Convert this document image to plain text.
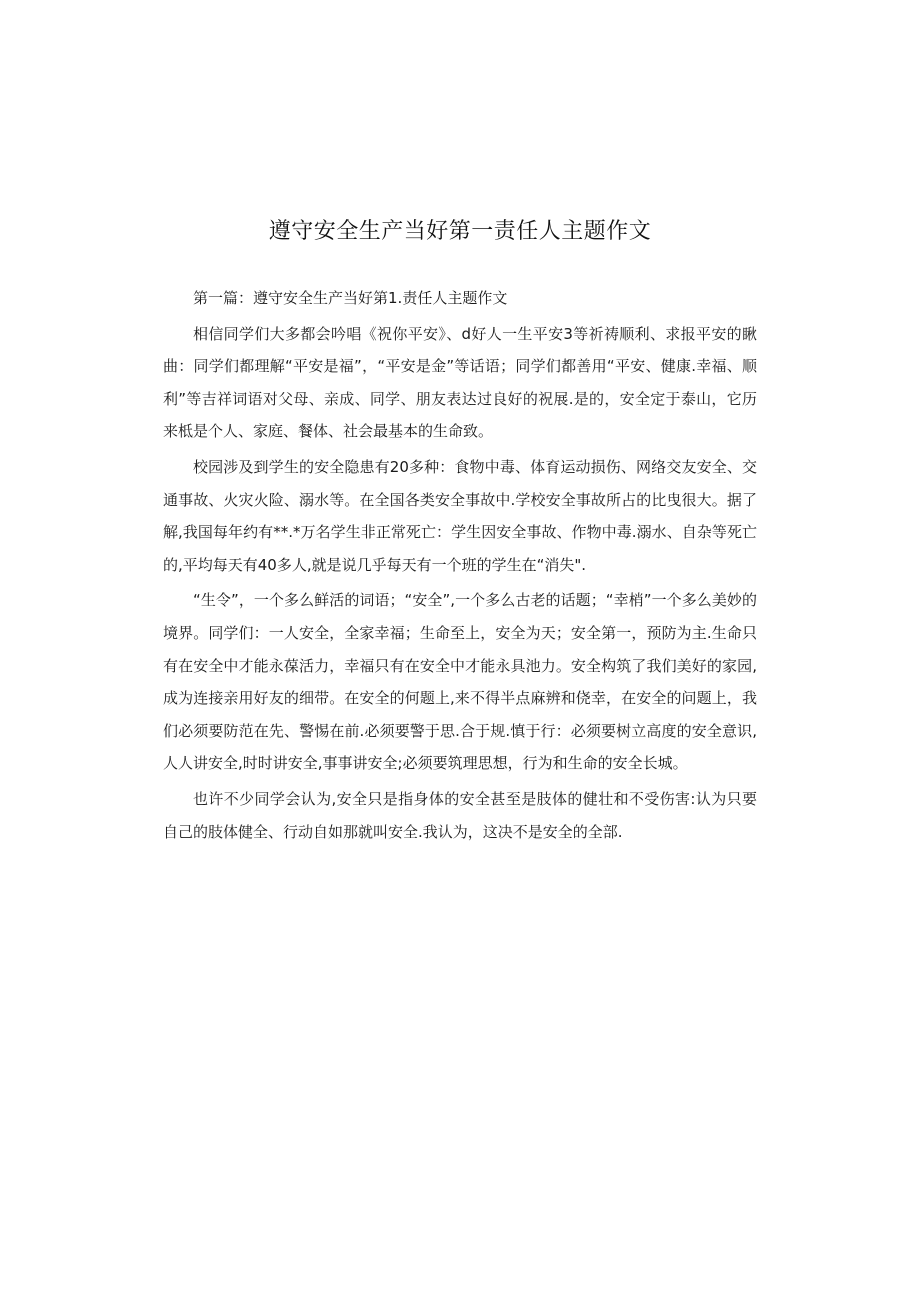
遵守安全生产当好第一责任人主题作文

第一篇：遵守安全生产当好第1.责任人主题作文

相信同学们大多都会吟唱《祝你平安》、d好人一生平安3等祈祷顺利、求报平安的瞅曲：同学们都理解“平安是福”，“平安是金”等话语；同学们都善用“平安、健康.幸福、顺利”等吉祥词语对父母、亲成、同学、朋友表达过良好的祝展.是的，安全定于泰山，它历来柢是个人、家庭、餐体、社会最基本的生命致。

校园涉及到学生的安全隐患有20多种：食物中毒、体育运动损伤、网络交友安全、交通事故、火灾火险、溺水等。在全国各类安全事故中.学校安全事故所占的比曳很大。据了解,我国每年约有**.*万名学生非正常死亡：学生因安全事故、作物中毒.溺水、自杂等死亡的,平均每天有40多人,就是说几乎每天有一个班的学生在“消失".

“生令”，一个多么鲜活的词语；“安全”,一个多么古老的话题；“幸梢”一个多么美妙的境界。同学们：一人安全，全家幸福；生命至上，安全为天；安全第一，预防为主.生命只有在安全中才能永葆活力，幸福只有在安全中才能永具池力。安全构筑了我们美好的家园,成为连接亲用好友的细带。在安全的何题上,来不得半点麻辨和侥幸，在安全的问题上，我们必须要防范在先、警惕在前.必须要警于思.合于规.慎于行：必须要树立高度的安全意识,人人讲安全,时时讲安全,事事讲安全;必须要筑理思想，行为和生命的安全长城。

也许不少同学会认为,安全只是指身体的安全甚至是肢体的健壮和不受伤害:认为只要自己的肢体健全、行动自如那就叫安全.我认为，这决不是安全的全部.
